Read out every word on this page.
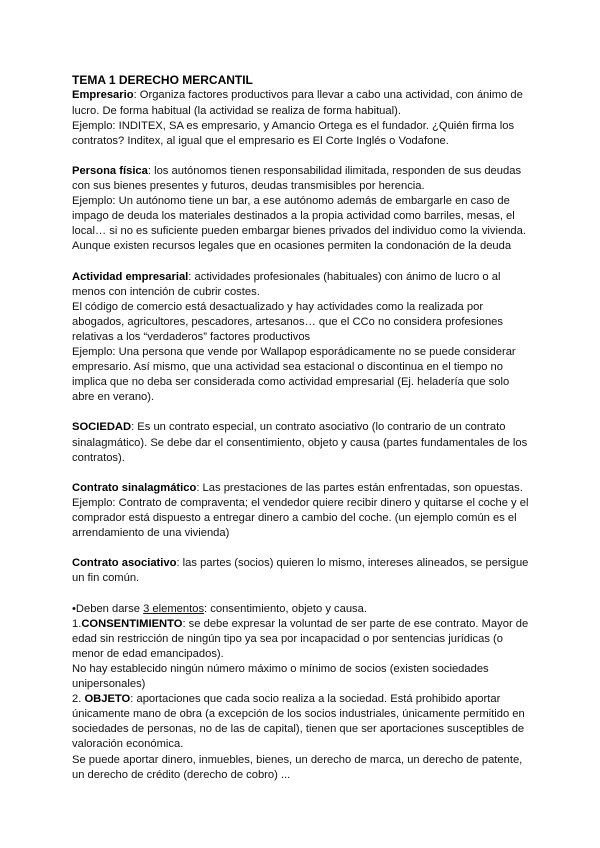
TEMA 1 DERECHO MERCANTIL

Empresario: Organiza factores productivos para llevar a cabo una actividad, con ánimo de lucro. De forma habitual (la actividad se realiza de forma habitual).

Ejemplo: INDITEX, SA es empresario, y Amancio Ortega es el fundador. ¿Quién firma los contratos? Inditex, al igual que el empresario es El Corte Inglés o Vodafone.

Persona física: los autónomos tienen responsabilidad ilimitada, responden de sus deudas con sus bienes presentes y futuros, deudas transmisibles por herencia.

Ejemplo: Un autónomo tiene un bar, a ese autónomo además de embargarle en caso de impago de deuda los materiales destinados a la propia actividad como barriles, mesas, el local… si no es suficiente pueden embargar bienes privados del individuo como la vivienda. Aunque existen recursos legales que en ocasiones permiten la condonación de la deuda

Actividad empresarial: actividades profesionales (habituales) con ánimo de lucro o al menos con intención de cubrir costes.

El código de comercio está desactualizado y hay actividades como la realizada por abogados, agricultores, pescadores, artesanos… que el CCo no considera profesiones relativas a los “verdaderos” factores productivos

Ejemplo: Una persona que vende por Wallapop esporádicamente no se puede considerar empresario. Así mismo, que una actividad sea estacional o discontinua en el tiempo no implica que no deba ser considerada como actividad empresarial (Ej. heladería que solo abre en verano).

SOCIEDAD: Es un contrato especial, un contrato asociativo (lo contrario de un contrato sinalagmático). Se debe dar el consentimiento, objeto y causa (partes fundamentales de los contratos).

Contrato sinalagmático: Las prestaciones de las partes están enfrentadas, son opuestas.

Ejemplo: Contrato de compraventa; el vendedor quiere recibir dinero y quitarse el coche y el comprador está dispuesto a entregar dinero a cambio del coche. (un ejemplo común es el arrendamiento de una vivienda)

Contrato asociativo: las partes (socios) quieren lo mismo, intereses alineados, se persigue un fin común.

•Deben darse 3 elementos: consentimiento, objeto y causa.

1.CONSENTIMIENTO: se debe expresar la voluntad de ser parte de ese contrato. Mayor de edad sin restricción de ningún tipo ya sea por incapacidad o por sentencias jurídicas (o menor de edad emancipados).

No hay establecido ningún número máximo o mínimo de socios (existen sociedades unipersonales)

2. OBJETO: aportaciones que cada socio realiza a la sociedad. Está prohibido aportar únicamente mano de obra (a excepción de los socios industriales, únicamente permitido en sociedades de personas, no de las de capital), tienen que ser aportaciones susceptibles de valoración económica.

Se puede aportar dinero, inmuebles, bienes, un derecho de marca, un derecho de patente, un derecho de crédito (derecho de cobro) ...
